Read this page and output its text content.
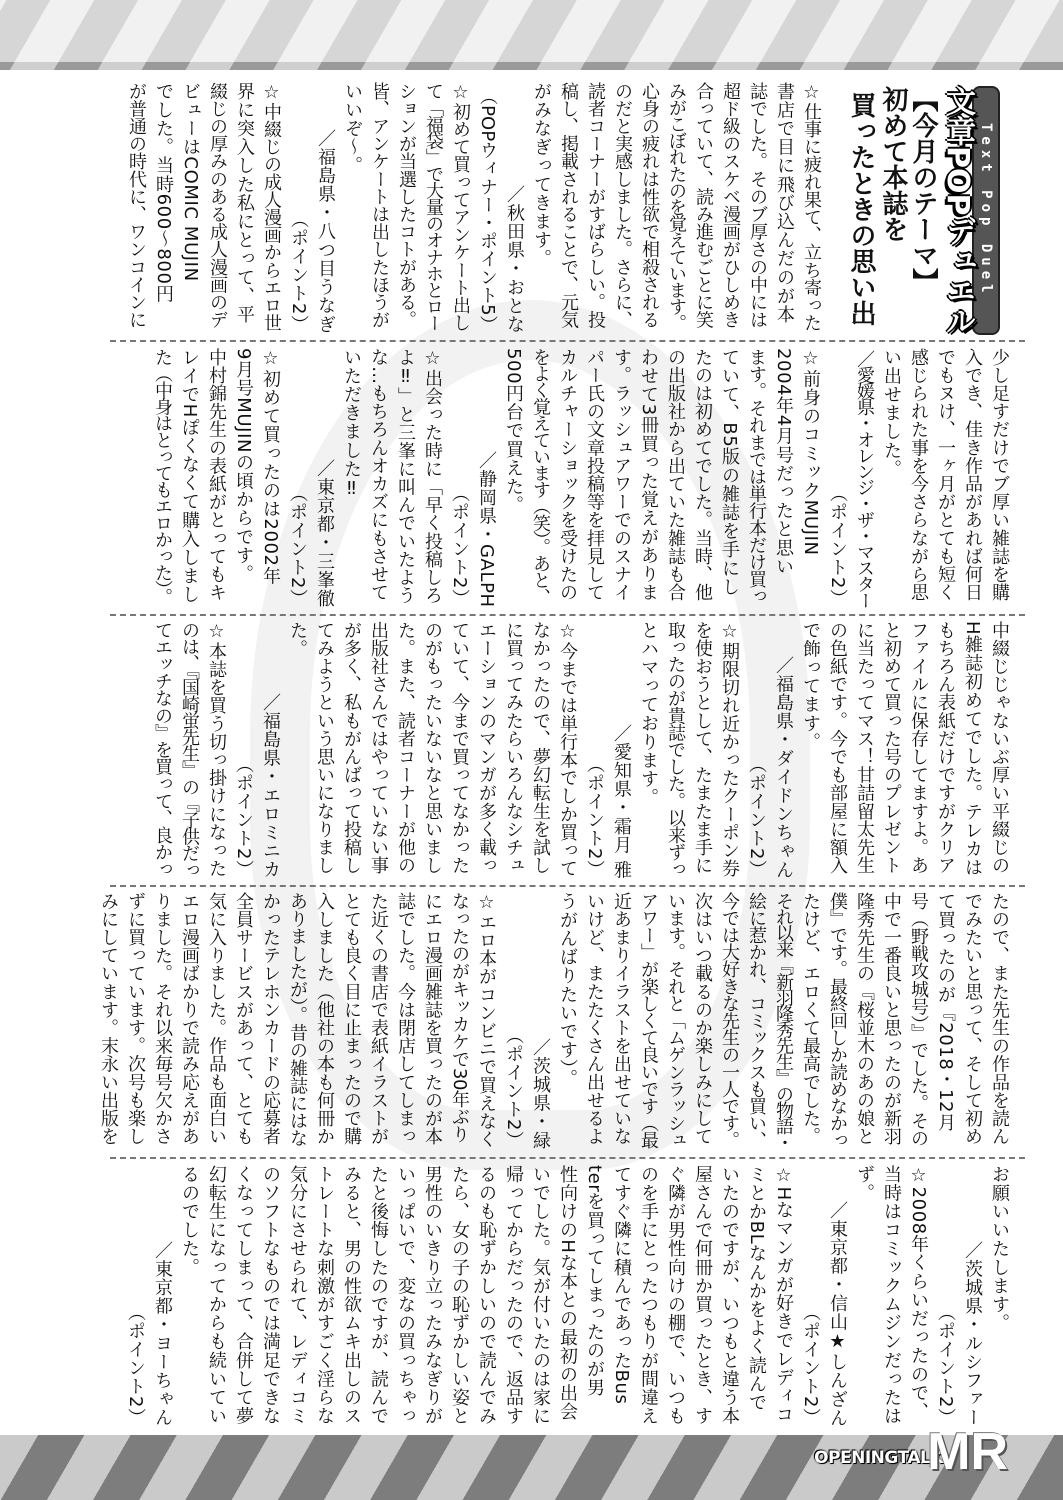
Text Pop Duel
文章POPデュエル
【今月のテーマ】初めて本誌を
買ったときの思い出
☆仕事に疲れ果て、立ち寄った
書店で目に飛び込んだのが本
誌でした。そのブ厚さの中には
超ド級のスケベ漫画がひしめき
合っていて、読み進むごとに笑
みがこぼれたのを覚えています。
心身の疲れは性欲で相殺される
のだと実感しました。さらに、
読者コーナーがすばらしい。投
稿し、掲載されることで、元気
がみなぎってきます。
／秋田県・おとな
（POPウィナー・ポイント5）
☆初めて買ってアンケート出し
て「福袋」で大量のオナホとロー
ションが当選したコトがある。
皆、アンケートは出したほうが
いいぞ～。
／福島県・八つ目うなぎ
（ポイント2）
☆中綴じの成人漫画からエロ世
界に突入した私にとって、平
綴じの厚みのある成人漫画のデ
ビューはCOMIC MUJIN
でした。当時600～800円
が普通の時代に、ワンコインに
少し足すだけでブ厚い雑誌を購
入でき、佳き作品があれば何日
でもヌけ、一ヶ月がとても短く
感じられた事を今さらながら思
い出せました。
／愛媛県・オレンジ・ザ・マスター
（ポイント2）
☆前身のコミックMUJIN
2004年4月号だったと思い
ます。それまでは単行本だけ買っ
ていて、B5版の雑誌を手にし
たのは初めてでした。当時、他
の出版社から出ていた雑誌も合
わせて3冊買った覚えがありま
す。ラッシュアワーでのスナイ
パー氏の文章投稿等を拝見して
カルチャーショックを受けたの
をよく覚えています（笑）。あと、
500円台で買えた。
／静岡県・GALPH
（ポイント2）
☆出会った時に「早く投稿しろ
よ‼」と三峯に叫んでいたよう
な…もちろんオカズにもさせて
いただきました‼
／東京都・三峯徹
（ポイント2）
☆初めて買ったのは2002年
9月号MUJINの頃からです。
中村錦先生の表紙がとってもキ
レイでHぽくなくて購入しまし
た（中身はとってもエロかった）。
中綴じじゃないぶ厚い平綴じの
H雑誌初めてでした。テレカは
もちろん表紙だけですがクリア
ファイルに保存してますよ。あ
と初めて買った号のプレゼント
に当たってマス！甘詰留太先生
の色紙です。今でも部屋に額入
で飾ってます。
／福島県・ダイドンちゃん
（ポイント2）
☆期限切れ近かったクーポン券
を使おうとして、たまたま手に
取ったのが貴誌でした。以来ずっ
とハマっております。
／愛知県・霜月 雅
（ポイント2）
☆今までは単行本でしか買って
なかったので、夢幻転生を試し
に買ってみたらいろんなシチュ
エーションのマンガが多く載っ
ていて、今まで買ってなかった
のがもったいないなと思いまし
た。また、読者コーナーが他の
出版社さんではやっていない事
が多く、私もがんばって投稿し
てみようという思いになりまし
た。
／福島県・エロミニカ
（ポイント2）
☆本誌を買う切っ掛けになった
のは、『国崎蛍先生』の『子供だっ
てエッチなの』を買って、良かっ
たので、また先生の作品を読ん
でみたいと思って、そして初め
て買ったのが『2018・12月
号（野戦攻城号）』でした。その
中で一番良いと思ったのが新羽
隆秀先生の『桜並木のあの娘と
僕』です。最終回しか読めなかっ
たけど、エロくて最高でした。
それ以来『新羽隆秀先生』の物語・
絵に惹かれ、コミックスも買い、
今では大好きな先生の一人です。
次はいつ載るのか楽しみにして
います。それと「ムゲンラッシュ
アワー」が楽しくて良いです（最
近あまりイラストを出せていな
いけど、またたくさん出せるよ
うがんばりたいです）。
／茨城県・緑
（ポイント2）
☆エロ本がコンビニで買えなく
なったのがキッカケで30年ぶり
にエロ漫画雑誌を買ったのが本
誌でした。今は閉店してしまっ
た近くの書店で表紙イラストが
とても良く目に止まったので購
入しました（他社の本も何冊か
ありましたが）。昔の雑誌にはな
かったテレホンカードの応募者
全員サービスがあって、とても
気に入りました。作品も面白い
エロ漫画ばかりで読み応えがあ
りました。それ以来毎号欠かさ
ずに買っています。次号も楽し
みにしています。末永い出版を
お願いいたします。
／茨城県・ルシファー
（ポイント2）
☆2008年くらいだったので、
当時はコミックムジンだったは
ず。
／東京都・信山★しんざん
（ポイント2）
☆Hなマンガが好きでレディコ
ミとかBLなんかをよく読んで
いたのですが、いつもと違う本
屋さんで何冊か買ったとき、す
ぐ隣が男性向けの棚で、いつも
のを手にとったつもりが間違え
てすぐ隣に積んであったBus
terを買ってしまったのが男
性向けのHな本との最初の出会
いでした。気が付いたのは家に
帰ってからだったので、返品す
るのも恥ずかしいので読んでみ
たら、女の子の恥ずかしい姿と
男性のいきり立ったみなぎりが
いっぱいで、変なの買っちゃっ
たと後悔したのですが、読んで
みると、男の性欲ムキ出しのス
トレートな刺激がすごく淫らな
気分にさせられて、レディコミ
のソフトなものでは満足できな
くなってしまって、合併して夢
幻転生になってからも続いてい
るのでした。
／東京都・ヨーちゃん
（ポイント2）
OPENINGTALK
MR
